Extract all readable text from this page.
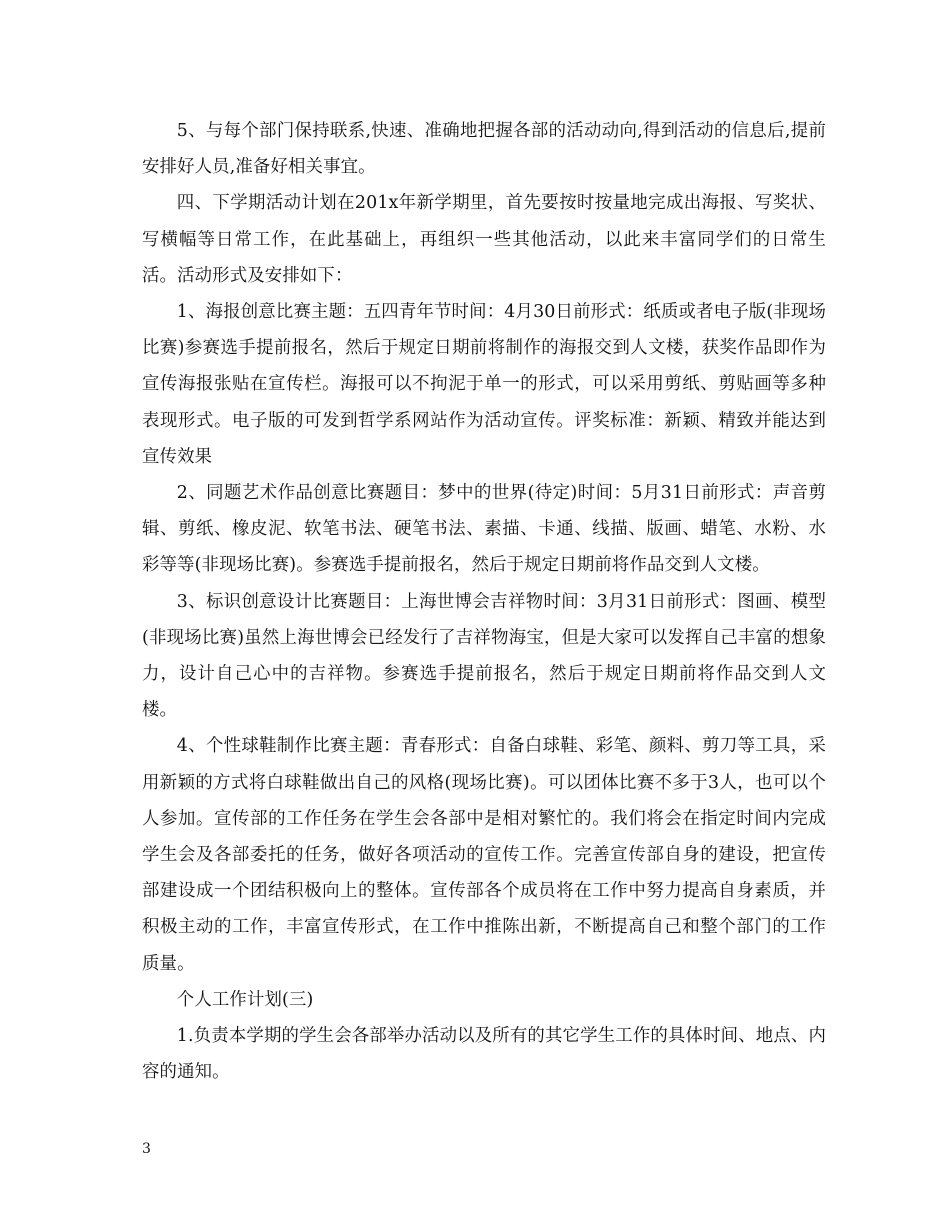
5、与每个部门保持联系,快速、准确地把握各部的活动动向,得到活动的信息后,提前安排好人员,准备好相关事宜。

四、下学期活动计划在201x年新学期里，首先要按时按量地完成出海报、写奖状、写横幅等日常工作，在此基础上，再组织一些其他活动，以此来丰富同学们的日常生活。活动形式及安排如下：

1、海报创意比赛主题：五四青年节时间：4月30日前形式：纸质或者电子版(非现场比赛)参赛选手提前报名，然后于规定日期前将制作的海报交到人文楼，获奖作品即作为宣传海报张贴在宣传栏。海报可以不拘泥于单一的形式，可以采用剪纸、剪贴画等多种表现形式。电子版的可发到哲学系网站作为活动宣传。评奖标准：新颖、精致并能达到宣传效果

2、同题艺术作品创意比赛题目：梦中的世界(待定)时间：5月31日前形式：声音剪辑、剪纸、橡皮泥、软笔书法、硬笔书法、素描、卡通、线描、版画、蜡笔、水粉、水彩等等(非现场比赛)。参赛选手提前报名，然后于规定日期前将作品交到人文楼。

3、标识创意设计比赛题目：上海世博会吉祥物时间：3月31日前形式：图画、模型(非现场比赛)虽然上海世博会已经发行了吉祥物海宝，但是大家可以发挥自己丰富的想象力，设计自己心中的吉祥物。参赛选手提前报名，然后于规定日期前将作品交到人文楼。

4、个性球鞋制作比赛主题：青春形式：自备白球鞋、彩笔、颜料、剪刀等工具，采用新颖的方式将白球鞋做出自己的风格(现场比赛)。可以团体比赛不多于3人，也可以个人参加。宣传部的工作任务在学生会各部中是相对繁忙的。我们将会在指定时间内完成学生会及各部委托的任务，做好各项活动的宣传工作。完善宣传部自身的建设，把宣传部建设成一个团结积极向上的整体。宣传部各个成员将在工作中努力提高自身素质，并积极主动的工作，丰富宣传形式，在工作中推陈出新，不断提高自己和整个部门的工作质量。

个人工作计划(三)

1.负责本学期的学生会各部举办活动以及所有的其它学生工作的具体时间、地点、内容的通知。

3
